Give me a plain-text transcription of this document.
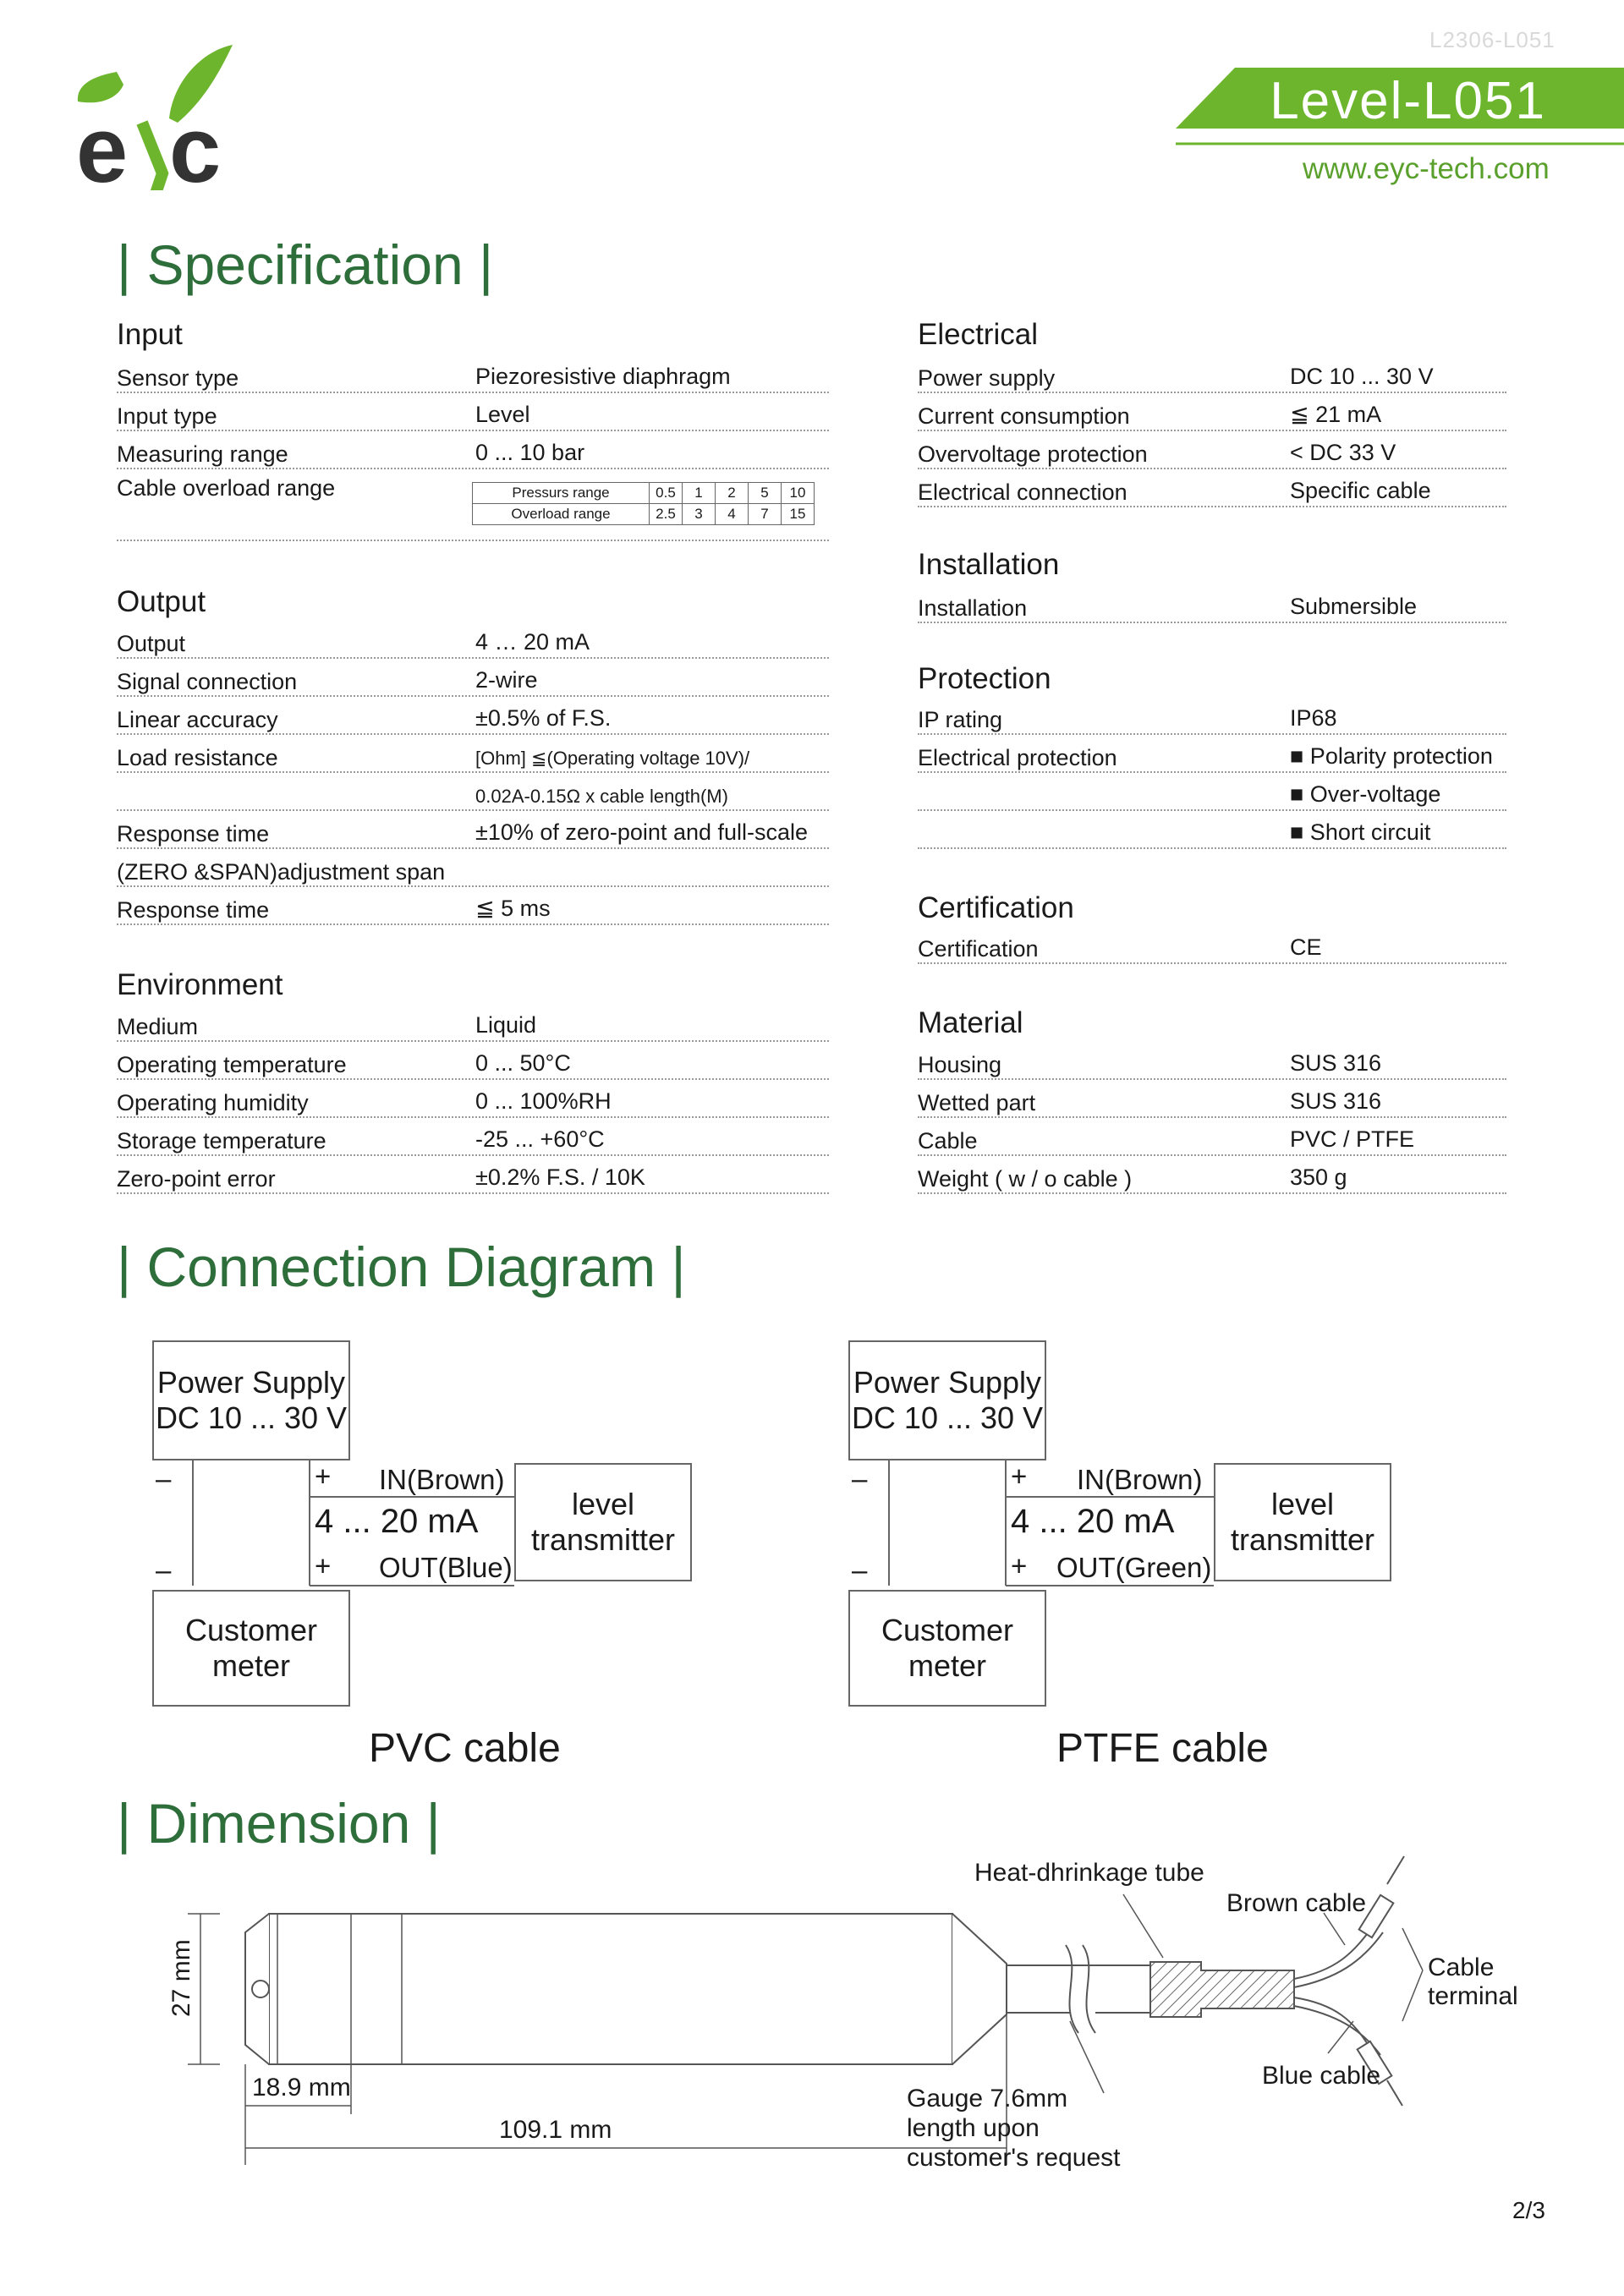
L2306-L051
e c	Level-L051
www.eyc-tech.com
| Specification |
| Connection Diagram |
| Dimension |
Input
Sensor type	Piezoresistive diaphragm
Input type	Level
Measuring range	0 ... 10 bar
Cable overload range	Pressurs range	0.5	1	2	5	10
Overload range	2.5	3	4	7	15
Output
Output	4 … 20 mA
Signal connection	2-wire
Linear accuracy	±0.5% of F.S.
Load resistance	[Ohm] ≦(Operating voltage 10V)/
0.02A-0.15Ω x cable length(M)
Response time	±10% of zero-point and full-scale
(ZERO &SPAN)adjustment span
Response time	≦ 5 ms
Environment
Medium	Liquid
Operating temperature	0 ... 50°C
Operating humidity	0 ... 100%RH
Storage temperature	-25 ... +60°C
Zero-point error	±0.2% F.S. / 10K
Electrical
Power supply	DC 10 ... 30 V
Current consumption	≦ 21 mA
Overvoltage protection	< DC 33 V
Electrical connection	Specific cable
Installation
Installation	Submersible
Protection
IP rating	IP68
Electrical protection	■ Polarity protection
■ Over-voltage
■ Short circuit
Certification
Certification	CE
Material
Housing	SUS 316
Wetted part	SUS 316
Cable	PVC / PTFE
Weight ( w / o cable )	350 g
Power Supply
DC 10 ... 30 V
level
transmitter
Customer
meter
–
–
+
+
IN(Brown)
OUT(Blue)
4 ... 20 mA
PVC cable
Power Supply
DC 10 ... 30 V
level
transmitter
Customer
meter
–
–
+
+
IN(Brown)
OUT(Green)
4 ... 20 mA
PTFE cable
27 mm
18.9 mm
109.1 mm
Heat-dhrinkage tube
Brown cable
Blue cable
Cable
terminal
Gauge 7.6mm
length upon
customer's request
2/3
